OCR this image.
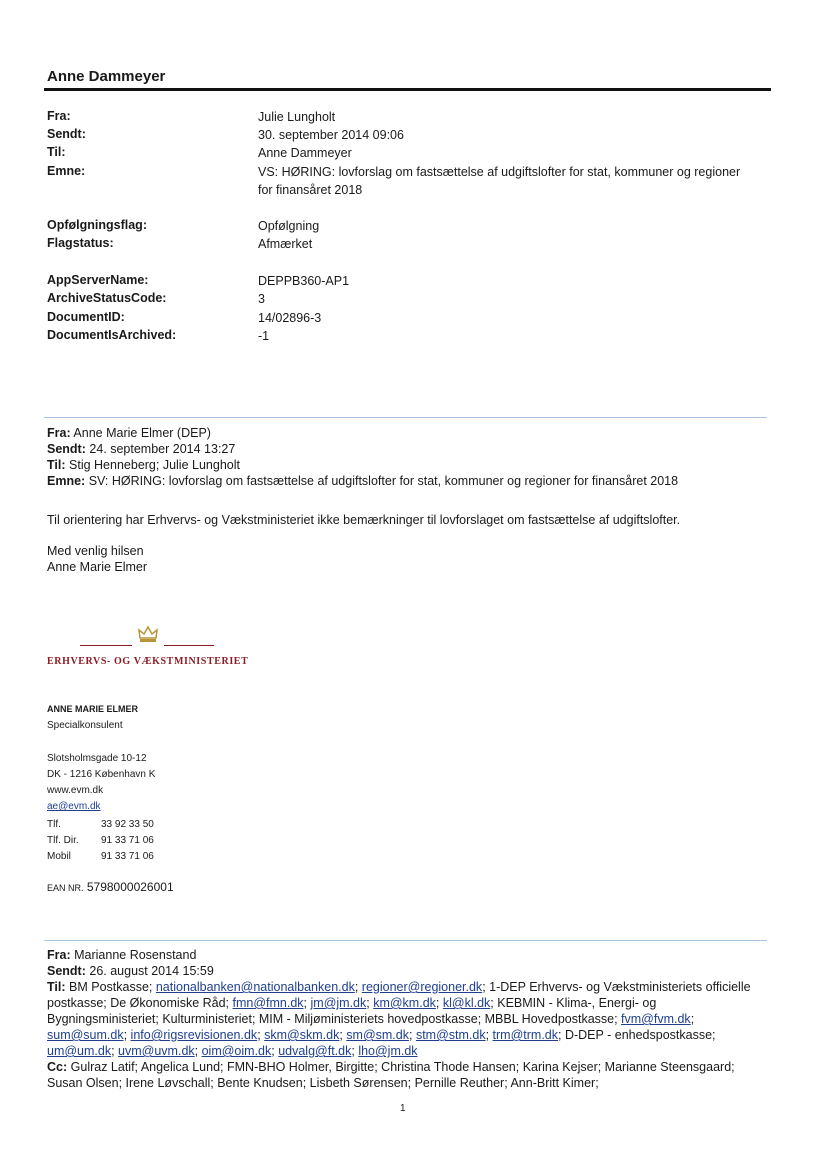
Anne Dammeyer
Fra:	Julie Lungholt
Sendt:	30. september 2014 09:06
Til:	Anne Dammeyer
Emne:	VS: HØRING: lovforslag om fastsættelse af udgiftslofter for stat, kommuner og regioner for finansåret 2018
Opfølgningsflag:	Opfølgning
Flagstatus:	Afmærket
AppServerName:	DEPPB360-AP1
ArchiveStatusCode:	3
DocumentID:	14/02896-3
DocumentIsArchived:	-1
Fra: Anne Marie Elmer (DEP)
Sendt: 24. september 2014 13:27
Til: Stig Henneberg; Julie Lungholt
Emne: SV: HØRING: lovforslag om fastsættelse af udgiftslofter for stat, kommuner og regioner for finansåret 2018
Til orientering har Erhvervs- og Vækstministeriet ikke bemærkninger til lovforslaget om fastsættelse af udgiftslofter.
Med venlig hilsen
Anne Marie Elmer
ERHVERVS- OG VÆKSTMINISTERIET
ANNE MARIE ELMER
Specialkonsulent
Slotsholmsgade 10-12
DK - 1216 København K
www.evm.dk
ae@evm.dk
Tlf.	33 92 33 50
Tlf. Dir. 91 33 71 06
Mobil	91 33 71 06
EAN NR. 5798000026001
Fra: Marianne Rosenstand
Sendt: 26. august 2014 15:59
Til: BM Postkasse; nationalbanken@nationalbanken.dk; regioner@regioner.dk; 1-DEP Erhvervs- og Vækstministeriets officielle postkasse; De Økonomiske Råd; fmn@fmn.dk; jm@jm.dk; km@km.dk; kl@kl.dk; KEBMIN - Klima-, Energi- og Bygningsministeriet; Kulturministeriet; MIM - Miljøministeriets hovedpostkasse; MBBL Hovedpostkasse; fvm@fvm.dk; sum@sum.dk; info@rigsrevisionen.dk; skm@skm.dk; sm@sm.dk; stm@stm.dk; trm@trm.dk; D-DEP - enhedspostkasse; um@um.dk; uvm@uvm.dk; oim@oim.dk; udvalg@ft.dk; lho@jm.dk
Cc: Gulraz Latif; Angelica Lund; FMN-BHO Holmer, Birgitte; Christina Thode Hansen; Karina Kejser; Marianne Steensgaard; Susan Olsen; Irene Løvschall; Bente Knudsen; Lisbeth Sørensen; Pernille Reuther; Ann-Britt Kimer;
1
